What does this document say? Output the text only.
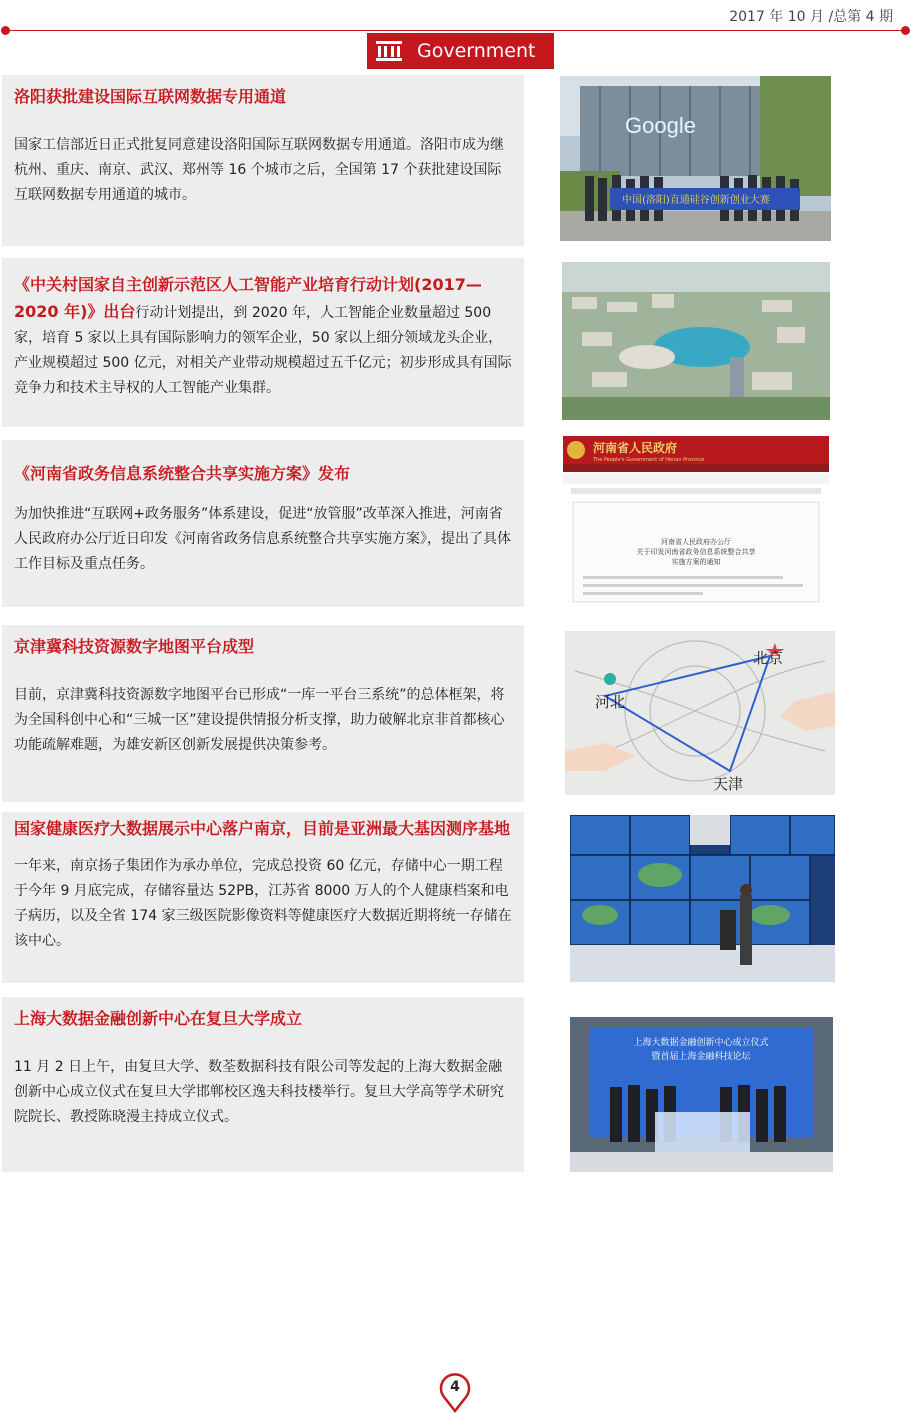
2017 年 10 月 /总第 4 期
Government
洛阳获批建设国际互联网数据专用通道
国家工信部近日正式批复同意建设洛阳国际互联网数据专用通道。洛阳市成为继杭州、重庆、南京、武汉、郑州等 16 个城市之后，全国第 17 个获批建设国际互联网数据专用通道的城市。
Google
中国(洛阳)直通硅谷创新创业大赛
《中关村国家自主创新示范区人工智能产业培育行动计划(2017—2020 年)》出台行动计划提出，到 2020 年，人工智能企业数量超过 500 家，培育 5 家以上具有国际影响力的领军企业，50 家以上细分领域龙头企业，产业规模超过 500 亿元，对相关产业带动规模超过五千亿元；初步形成具有国际竞争力和技术主导权的人工智能产业集群。
《河南省政务信息系统整合共享实施方案》发布
为加快推进“互联网+政务服务”体系建设，促进“放管服”改革深入推进，河南省人民政府办公厅近日印发《河南省政务信息系统整合共享实施方案》，提出了具体工作目标及重点任务。
河南省人民政府
The People's Government of Henan Province
河南省人民政府办公厅
关于印发河南省政务信息系统整合共享
实施方案的通知
京津冀科技资源数字地图平台成型
目前，京津冀科技资源数字地图平台已形成“一库一平台三系统”的总体框架，将为全国科创中心和“三城一区”建设提供情报分析支撑，助力破解北京非首都核心功能疏解难题，为雄安新区创新发展提供决策参考。
北京
河北
天津
国家健康医疗大数据展示中心落户南京，目前是亚洲最大基因测序基地
一年来，南京扬子集团作为承办单位，完成总投资 60 亿元，存储中心一期工程于今年 9 月底完成，存储容量达 52PB，江苏省 8000 万人的个人健康档案和电子病历，以及全省 174 家三级医院影像资料等健康医疗大数据近期将统一存储在该中心。
上海大数据金融创新中心在复旦大学成立
11 月 2 日上午，由复旦大学、数荃数据科技有限公司等发起的上海大数据金融创新中心成立仪式在复旦大学邯郸校区逸夫科技楼举行。复旦大学高等学术研究院院长、教授陈晓漫主持成立仪式。
上海大数据金融创新中心成立仪式
暨首届上海金融科技论坛
4
